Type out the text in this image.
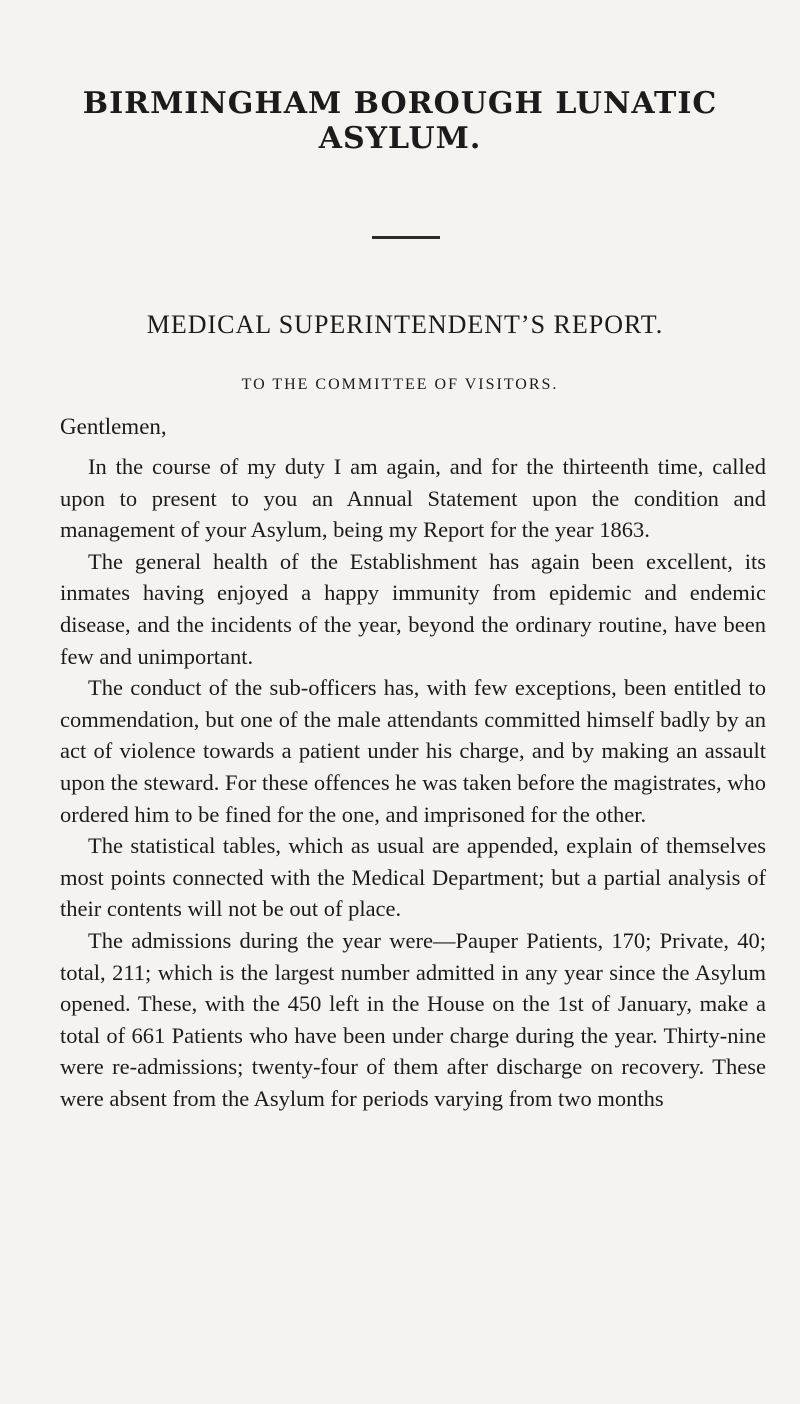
BIRMINGHAM BOROUGH LUNATIC ASYLUM.
MEDICAL SUPERINTENDENT’S REPORT.
TO THE COMMITTEE OF VISITORS.
Gentlemen,

In the course of my duty I am again, and for the thirteenth time, called upon to present to you an Annual Statement upon the condition and management of your Asylum, being my Report for the year 1863.

The general health of the Establishment has again been excellent, its inmates having enjoyed a happy immunity from epidemic and endemic disease, and the incidents of the year, beyond the ordinary routine, have been few and unimportant.

The conduct of the sub-officers has, with few exceptions, been entitled to commendation, but one of the male attendants committed himself badly by an act of violence towards a patient under his charge, and by making an assault upon the steward. For these offences he was taken before the magistrates, who ordered him to be fined for the one, and imprisoned for the other.

The statistical tables, which as usual are appended, explain of themselves most points connected with the Medical Department; but a partial analysis of their contents will not be out of place.

The admissions during the year were—Pauper Patients, 170; Private, 40; total, 211; which is the largest number admitted in any year since the Asylum opened. These, with the 450 left in the House on the 1st of January, make a total of 661 Patients who have been under charge during the year. Thirty-nine were re-admissions; twenty-four of them after discharge on recovery. These were absent from the Asylum for periods varying from two months
